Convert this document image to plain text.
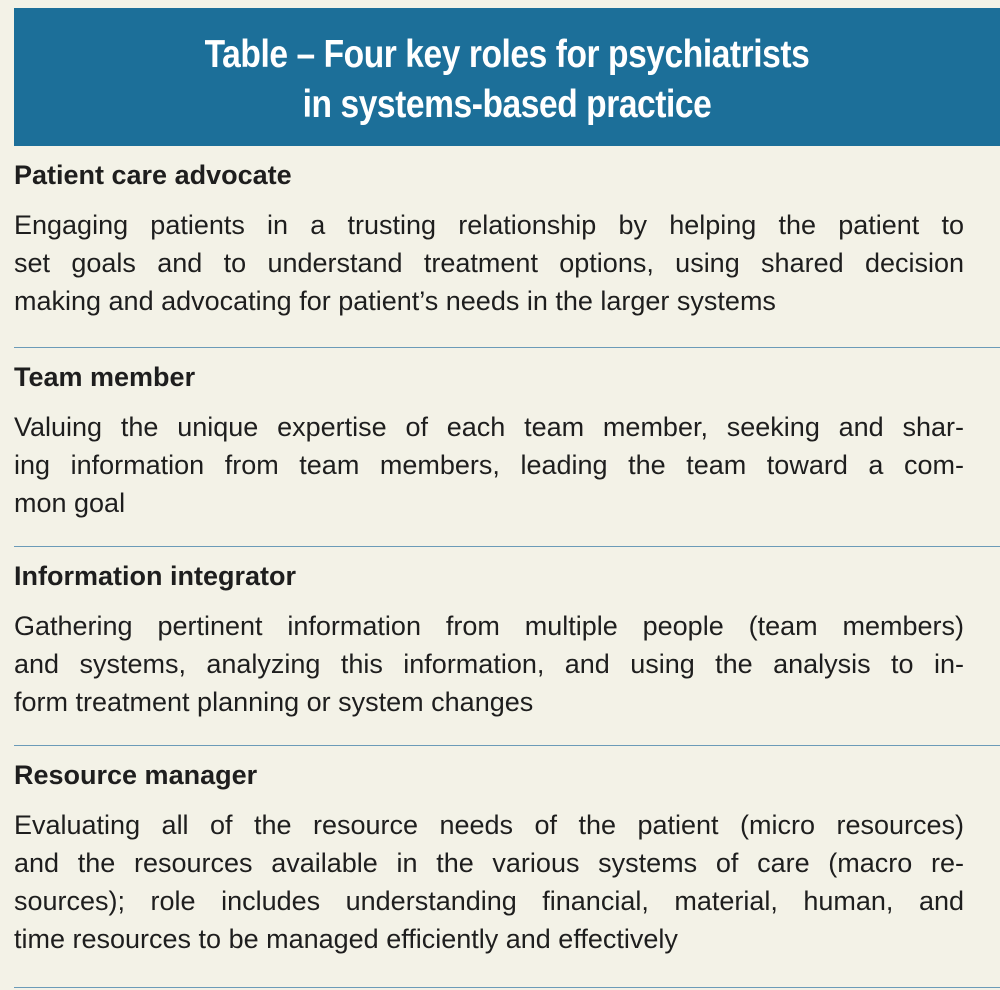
Table – Four key roles for psychiatrists
in systems-based practice
Patient care advocate

Engaging patients in a trusting relationship by helping the patient to
set goals and to understand treatment options, using shared decision
making and advocating for patient’s needs in the larger systems

Team member

Valuing the unique expertise of each team member, seeking and shar-
ing information from team members, leading the team toward a com-
mon goal

Information integrator

Gathering pertinent information from multiple people (team members)
and systems, analyzing this information, and using the analysis to in-
form treatment planning or system changes

Resource manager

Evaluating all of the resource needs of the patient (micro resources)
and the resources available in the various systems of care (macro re-
sources); role includes understanding financial, material, human, and
time resources to be managed efficiently and effectively
